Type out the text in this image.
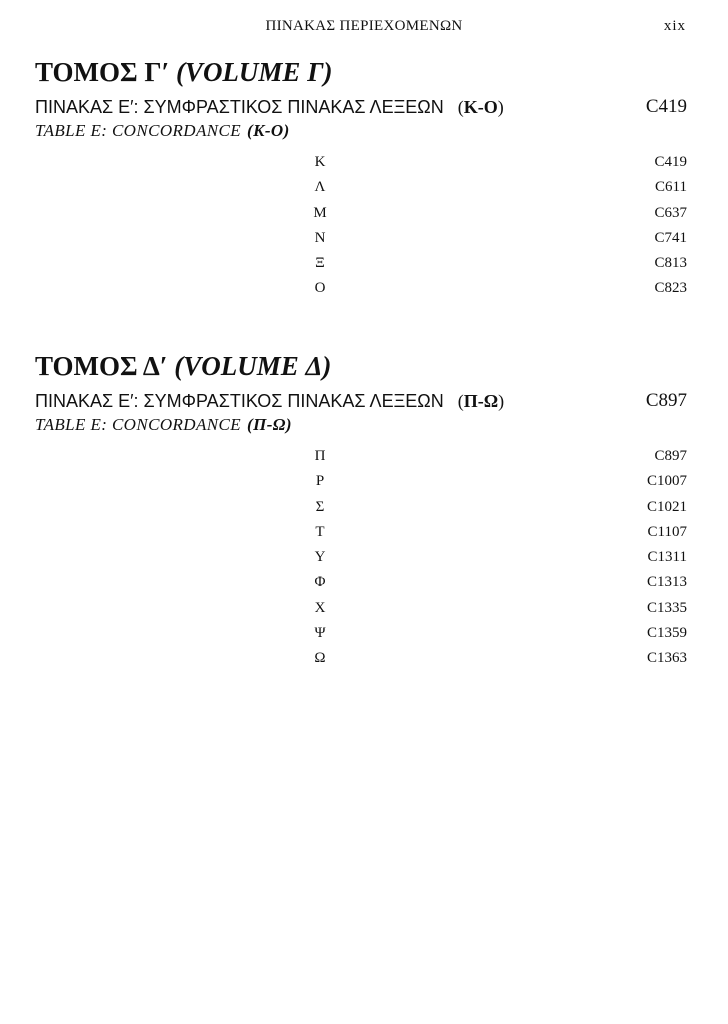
ΠΙΝΑΚΑΣ ΠΕΡΙΕΧΟΜΕΝΩΝ	xix
ΤΟΜΟΣ Γ′ (VOLUME Γ)
ΠΙΝΑΚΑΣ Ε′: ΣΥΜΦΡΑΣΤΙΚΟΣ ΠΙΝΑΚΑΣ ΛΕΞΕΩΝ (Κ-Ο)	C419
TABLE E: CONCORDANCE (Κ-Ο)
Κ	C419
Λ	C611
Μ	C637
Ν	C741
Ξ	C813
Ο	C823
ΤΟΜΟΣ Δ′ (VOLUME Δ)
ΠΙΝΑΚΑΣ Ε′: ΣΥΜΦΡΑΣΤΙΚΟΣ ΠΙΝΑΚΑΣ ΛΕΞΕΩΝ (Π-Ω)	C897
TABLE E: CONCORDANCE (Π-Ω)
Π	C897
Ρ	C1007
Σ	C1021
Τ	C1107
Υ	C1311
Φ	C1313
Χ	C1335
Ψ	C1359
Ω	C1363
